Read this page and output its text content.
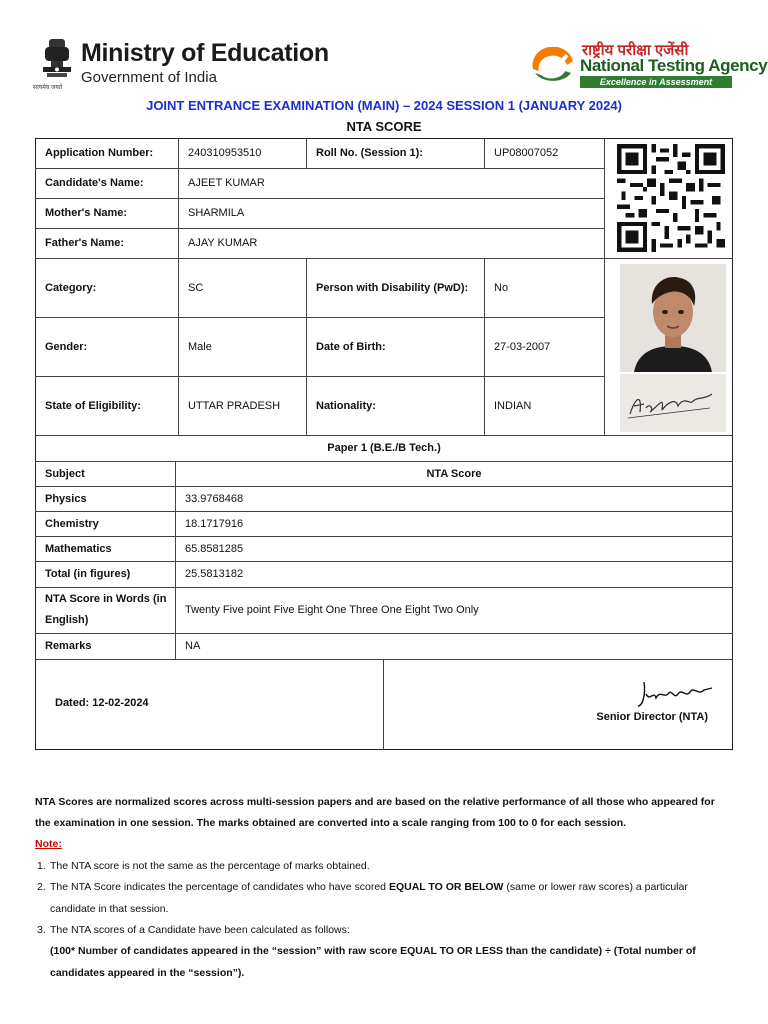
सत्यमेव जयते
Ministry of Education
Government of India
राष्ट्रीय परीक्षा एजेंसी
National Testing Agency
Excellence in Assessment
JOINT ENTRANCE EXAMINATION (MAIN) – 2024 SESSION 1 (JANUARY 2024)
NTA SCORE
Application Number:	240310953510	Roll No. (Session 1):	UP08007052
Candidate's Name:	AJEET KUMAR
Mother's Name:	SHARMILA
Father's Name:	AJAY KUMAR
Category:	SC	Person with Disability (PwD):	No
Gender:	Male	Date of Birth:	27-03-2007
State of Eligibility:	UTTAR PRADESH	Nationality:	INDIAN
Paper 1 (B.E./B Tech.)
Subject	NTA Score
Physics	33.9768468
Chemistry	18.1717916
Mathematics	65.8581285
Total (in figures)	25.5813182
NTA Score in Words (in
English)
Twenty Five point Five Eight One Three One Eight Two Only
Remarks	NA
Dated: 12-02-2024
Senior Director (NTA)
NTA Scores are normalized scores across multi-session papers and are based on the relative performance of all those who appeared for
the examination in one session. The marks obtained are converted into a scale ranging from 100 to 0 for each session.
Note:
1. The NTA score is not the same as the percentage of marks obtained.
2. The NTA Score indicates the percentage of candidates who have scored EQUAL TO OR BELOW (same or lower raw scores) a particular
candidate in that session.
3. The NTA scores of a Candidate have been calculated as follows:
(100* Number of candidates appeared in the “session” with raw score EQUAL TO OR LESS than the candidate) ÷ (Total number of
candidates appeared in the “session”).
